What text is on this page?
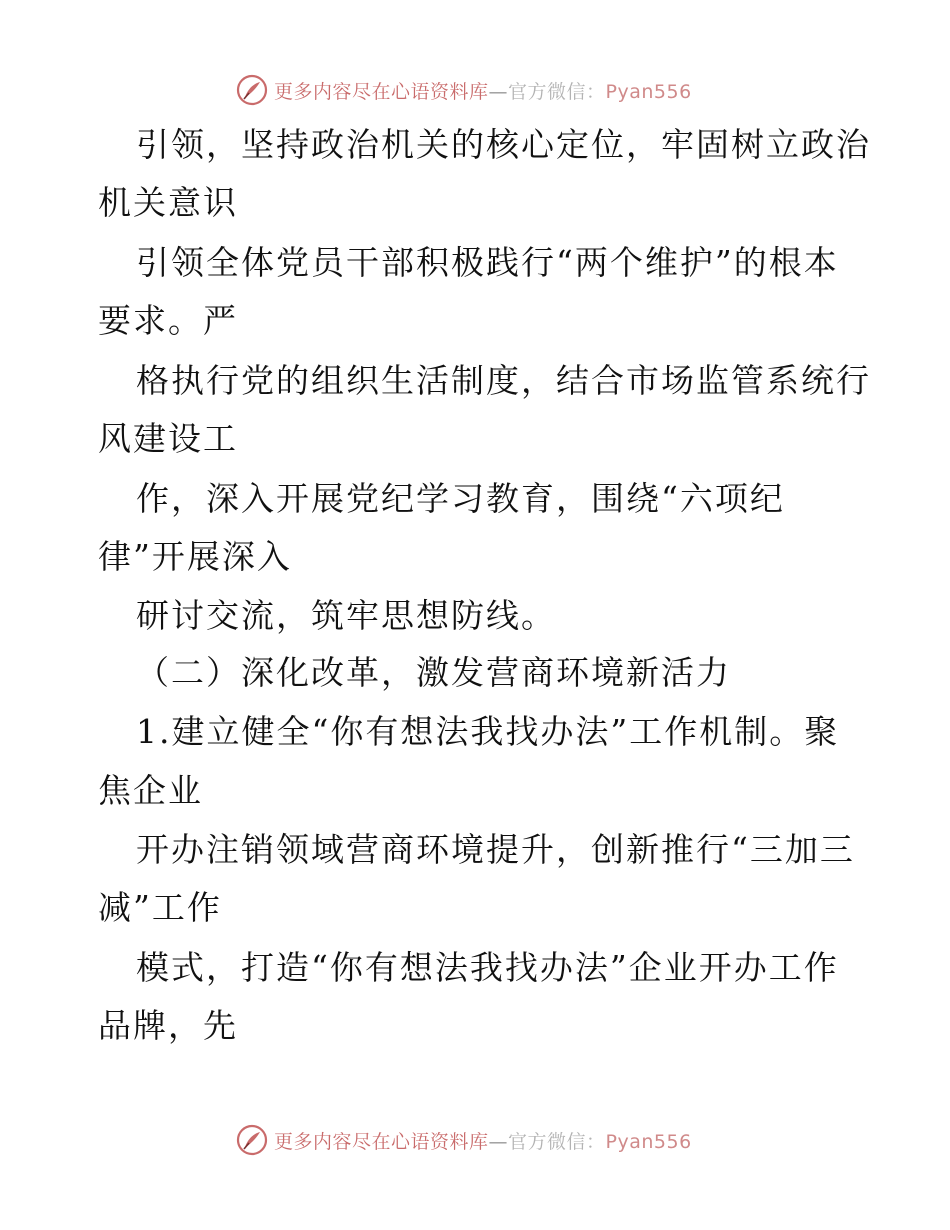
更多内容尽在心语资料库—官方微信：Pyan556
引领，坚持政治机关的核心定位，牢固树立政治
机关意识
引领全体党员干部积极践行“两个维护”的根本
要求。严
格执行党的组织生活制度，结合市场监管系统行
风建设工
作，深入开展党纪学习教育，围绕“六项纪
律”开展深入
研讨交流，筑牢思想防线。
（二）深化改革，激发营商环境新活力
1.建立健全“你有想法我找办法”工作机制。聚
焦企业
开办注销领域营商环境提升，创新推行“三加三
减”工作
模式，打造“你有想法我找办法”企业开办工作
品牌，先
更多内容尽在心语资料库—官方微信：Pyan556
